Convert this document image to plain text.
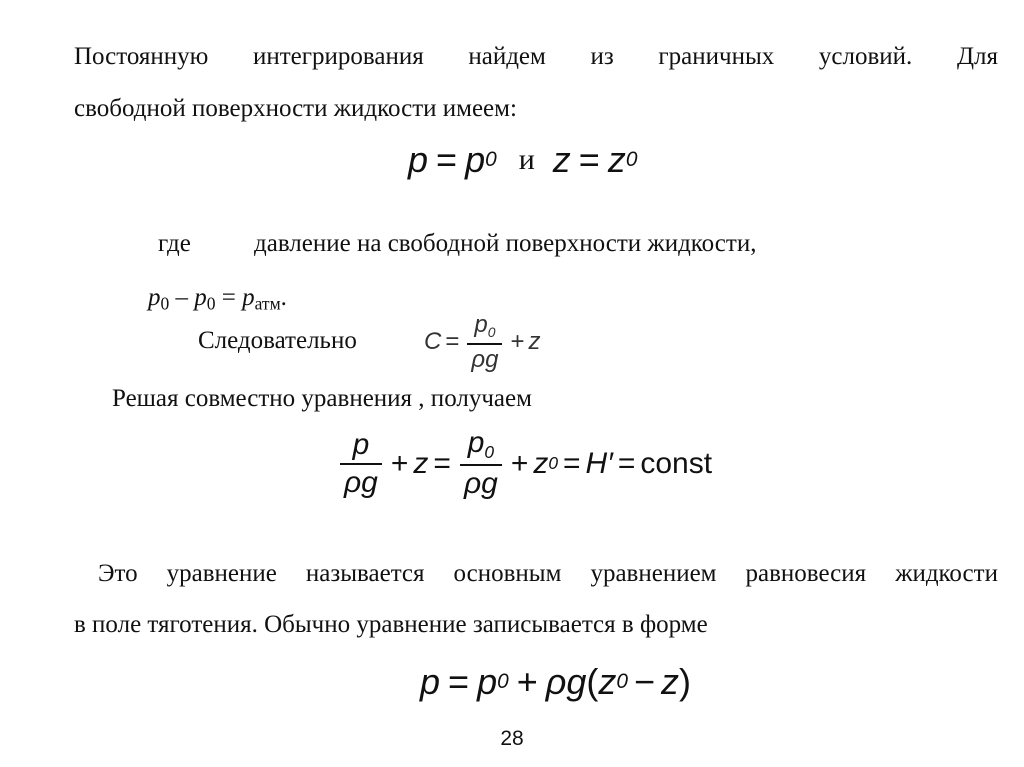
Постоянную интегрирования найдем из граничных условий. Для
свободной поверхности жидкости имеем:
p = p 0 и z = z 0
где	давление на свободной поверхности жидкости,
p0 – p0 = pатм.
Следовательно	$C = \frac{p_0}{\rho g} + z$
Решая совместно уравнения , получаем
$\frac{p}{\rho g} + z = \frac{p_0}{\rho g} + z$ 0 = H′ = const
Это уравнение называется основным уравнением равновесия жидкости
в поле тяготения. Обычно уравнение записывается в форме
p = p 0 + ρg ( z 0 − z )
28
